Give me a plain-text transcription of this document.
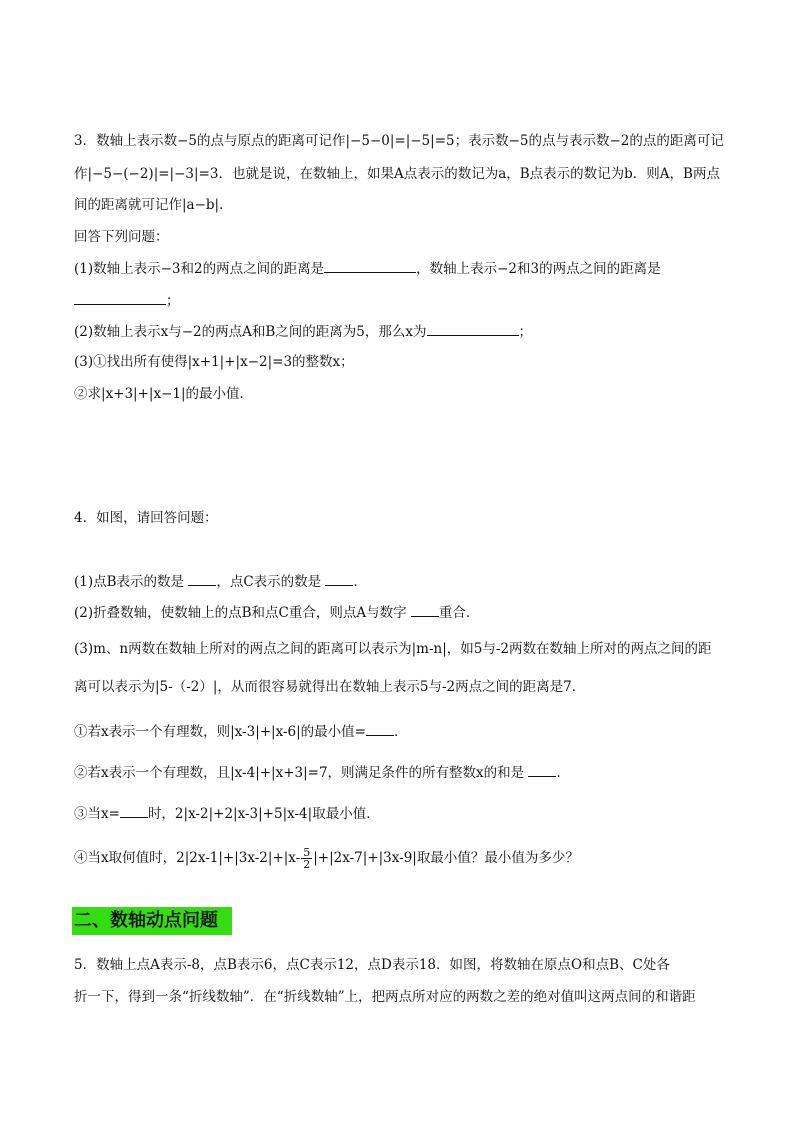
3．数轴上表示数−5的点与原点的距离可记作|−5−0|=|−5|=5；表示数−5的点与表示数−2的点的距离可记
作|−5−(−2)|=|−3|=3．也就是说，在数轴上，如果A点表示的数记为a，B点表示的数记为b．则A，B两点
间的距离就可记作|a−b|．
回答下列问题：
(1)数轴上表示−3和2的两点之间的距离是	，数轴上表示−2和3的两点之间的距离是
；
(2)数轴上表示x与−2的两点A和B之间的距离为5，那么x为	；
(3)①找出所有使得|x+1|+|x−2|=3的整数x；
②求|x+3|+|x−1|的最小值．
4．如图，请回答问题：
(1)点B表示的数是 ，点C表示的数是 ．
(2)折叠数轴，使数轴上的点B和点C重合，则点A与数字 重合．
(3)m、n两数在数轴上所对的两点之间的距离可以表示为|m-n|，如5与-2两数在数轴上所对的两点之间的距
离可以表示为|5-（-2）|，从而很容易就得出在数轴上表示5与-2两点之间的距离是7．
①若x表示一个有理数，则|x-3|+|x-6|的最小值= ．
②若x表示一个有理数，且|x-4|+|x+3|=7，则满足条件的所有整数x的和是 ．
③当x= 时，2|x-2|+2|x-3|+5|x-4|取最小值．
④当x取何值时，$2|2x-1|+|3x-2|+|x- \frac{5}{2} |+|2x-7|+|3x-9|$取最小值？最小值为多少？
二、数轴动点问题
5．数轴上点A表示-8，点B表示6，点C表示12，点D表示18．如图，将数轴在原点O和点B、C处各
折一下，得到一条“折线数轴”．在“折线数轴”上，把两点所对应的两数之差的绝对值叫这两点间的和谐距
